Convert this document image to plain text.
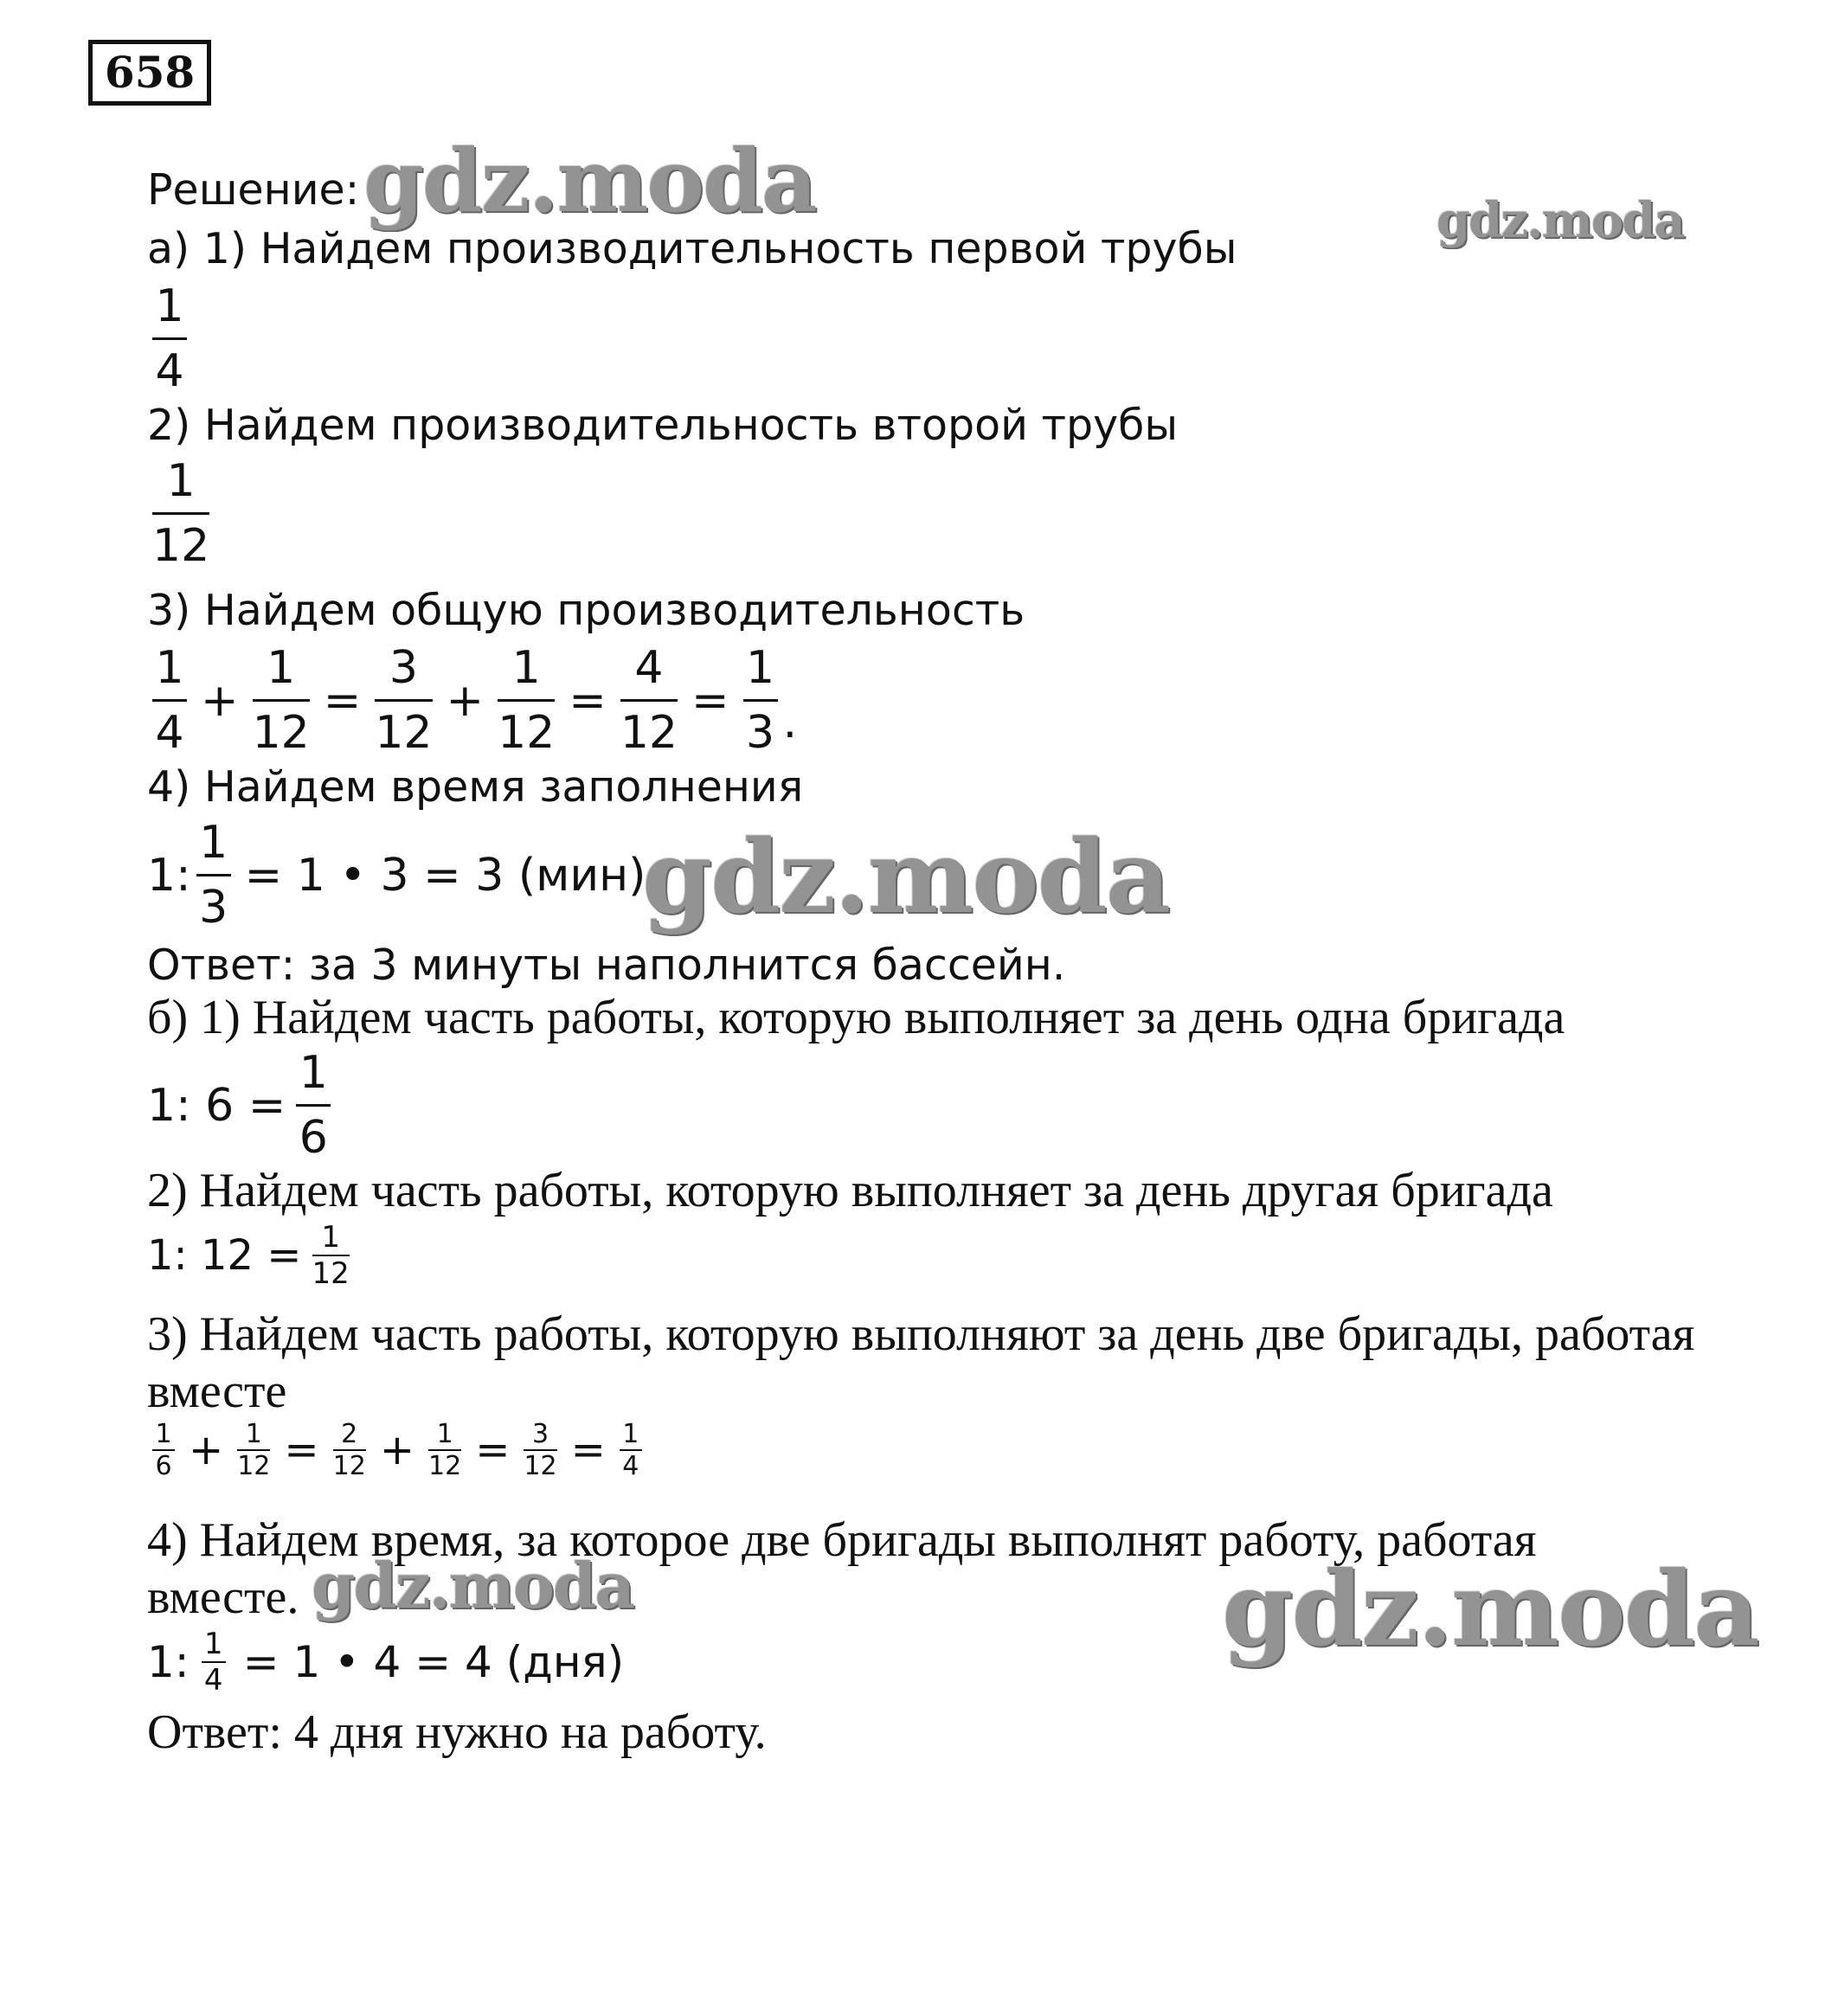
658
Решение:
а) 1) Найдем производительность первой трубы
$\frac{1}{4}$
2) Найдем производительность второй трубы
$\frac{1}{12}$
3) Найдем общую производительность
$\frac{1}{4} + \frac{1}{12} = \frac{3}{12} + \frac{1}{12} = \frac{4}{12} = \frac{1}{3}$ .
4) Найдем время заполнения
1: $\frac{1}{3} = 1$ • 3 = 3 (мин)
Ответ: за 3 минуты наполнится бассейн.
б) 1) Найдем часть работы, которую выполняет за день одна бригада
1: $6 = \frac{1}{6}$
2) Найдем часть работы, которую выполняет за день другая бригада
1: $12 = \frac{1}{12}$
3) Найдем часть работы, которую выполняют за день две бригады, работая
вместе
$\frac{1}{6} + \frac{1}{12} = \frac{2}{12} + \frac{1}{12} = \frac{3}{12} = \frac{1}{4}$
4) Найдем время, за которое две бригады выполнят работу, работая
вместе.
1: $\frac{1}{4} = 1$ • 4 = 4 (дня)
Ответ: 4 дня нужно на работу.
gdz.moda	gdz.moda
gdz.moda
gdz.moda	gdz.moda
